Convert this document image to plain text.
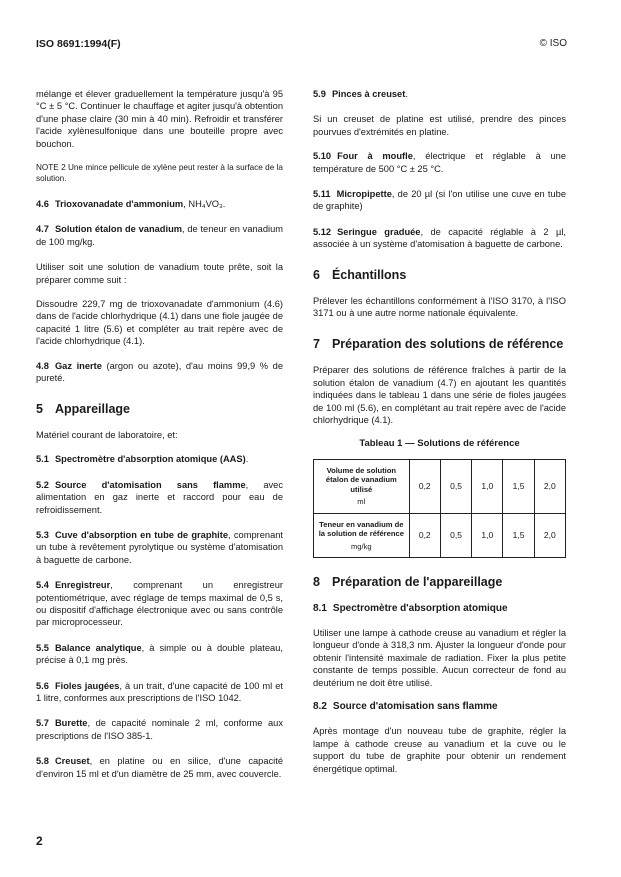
ISO 8691:1994(F)	© ISO

mélange et élever graduellement la température jusqu'à 95 °C ± 5 °C. Continuer le chauffage et agiter jusqu'à obtention d'une phase claire (30 min à 40 min). Refroidir et transférer l'acide xylènesulfonique dans une bouteille propre avec bouchon.

NOTE 2 Une mince pellicule de xylène peut rester à la surface de la solution.

4.6 Trioxovanadate d'ammonium, NH₄VO₃.
4.7 Solution étalon de vanadium, de teneur en vanadium de 100 mg/kg.

Utiliser soit une solution de vanadium toute prête, soit la préparer comme suit :

Dissoudre 229,7 mg de trioxovanadate d'ammonium (4.6) dans de l'acide chlorhydrique (4.1) dans une fiole jaugée de capacité 1 litre (5.6) et compléter au trait repère avec de l'acide chlorhydrique (4.1).

4.8 Gaz inerte (argon ou azote), d'au moins 99,9 % de pureté.
5 Appareillage

Matériel courant de laboratoire, et:

5.1 Spectromètre d'absorption atomique (AAS).
5.2 Source d'atomisation sans flamme, avec alimentation en gaz inerte et raccord pour eau de refroidissement.
5.3 Cuve d'absorption en tube de graphite, comprenant un tube à revêtement pyrolytique ou système d'atomisation à baguette de carbone.
5.4 Enregistreur, comprenant un enregistreur potentiométrique, avec réglage de temps maximal de 0,5 s, ou dispositif d'affichage électronique avec ou sans contrôle par microprocesseur.
5.5 Balance analytique, à simple ou à double plateau, précise à 0,1 mg près.
5.6 Fioles jaugées, à un trait, d'une capacité de 100 ml et 1 litre, conformes aux prescriptions de l'ISO 1042.
5.7 Burette, de capacité nominale 2 ml, conforme aux prescriptions de l'ISO 385-1.
5.8 Creuset, en platine ou en silice, d'une capacité d'environ 15 ml et d'un diamètre de 25 mm, avec couvercle.
5.9 Pinces à creuset.

Si un creuset de platine est utilisé, prendre des pinces pourvues d'extrémités en platine.

5.10 Four à moufle, électrique et réglable à une température de 500 °C ± 25 °C.
5.11 Micropipette, de 20 µl (si l'on utilise une cuve en tube de graphite)
5.12 Seringue graduée, de capacité réglable à 2 µl, associée à un système d'atomisation à baguette de carbone.
6 Échantillons

Prélever les échantillons conformément à l'ISO 3170, à l'ISO 3171 ou à une autre norme nationale équivalente.

7 Préparation des solutions de référence

Préparer des solutions de référence fraîches à partir de la solution étalon de vanadium (4.7) en ajoutant les quantités indiquées dans le tableau 1 dans une série de fioles jaugées de 100 ml (5.6), en complétant au trait repère avec de l'acide chlorhydrique (4.1).

Tableau 1 — Solutions de référence
Volume de solution étalon de vanadium utilisé
ml	0,2	0,5	1,0	1,5	2,0
Teneur en vanadium de la solution de référence
mg/kg	0,2	0,5	1,0	1,5	2,0
8 Préparation de l'appareillage
8.1 Spectromètre d'absorption atomique

Utiliser une lampe à cathode creuse au vanadium et régler la longueur d'onde à 318,3 nm. Ajuster la longueur d'onde pour obtenir l'intensité maximale de radiation. Fixer la plus petite constante de temps possible. Aucun correcteur de fond au deutérium ne doit être utilisé.

8.2 Source d'atomisation sans flamme

Après montage d'un nouveau tube de graphite, régler la lampe à cathode creuse au vanadium et la cuve ou le support du tube de graphite pour obtenir un rendement énergétique optimal.

2
